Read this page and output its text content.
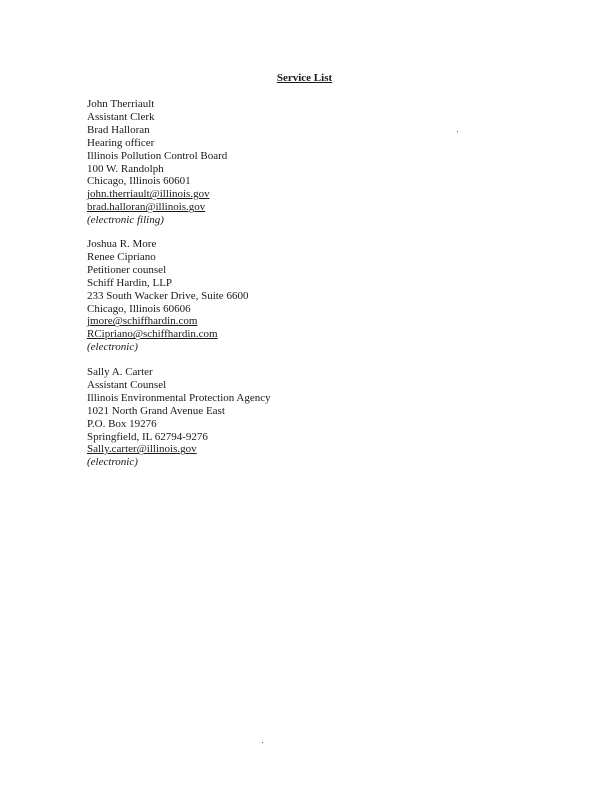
Service List
John Therriault
Assistant Clerk
Brad Halloran
Hearing officer
Illinois Pollution Control Board
100 W. Randolph
Chicago, Illinois 60601
john.therriault@illinois.gov
brad.halloran@illinois.gov
(electronic filing)
Joshua R. More
Renee Cipriano
Petitioner counsel
Schiff Hardin, LLP
233 South Wacker Drive, Suite 6600
Chicago, Illinois 60606
jmore@schiffhardin.com
RCipriano@schiffhardin.com
(electronic)
Sally A. Carter
Assistant Counsel
Illinois Environmental Protection Agency
1021 North Grand Avenue East
P.O. Box 19276
Springfield, IL 62794-9276
Sally.carter@illinois.gov
(electronic)
